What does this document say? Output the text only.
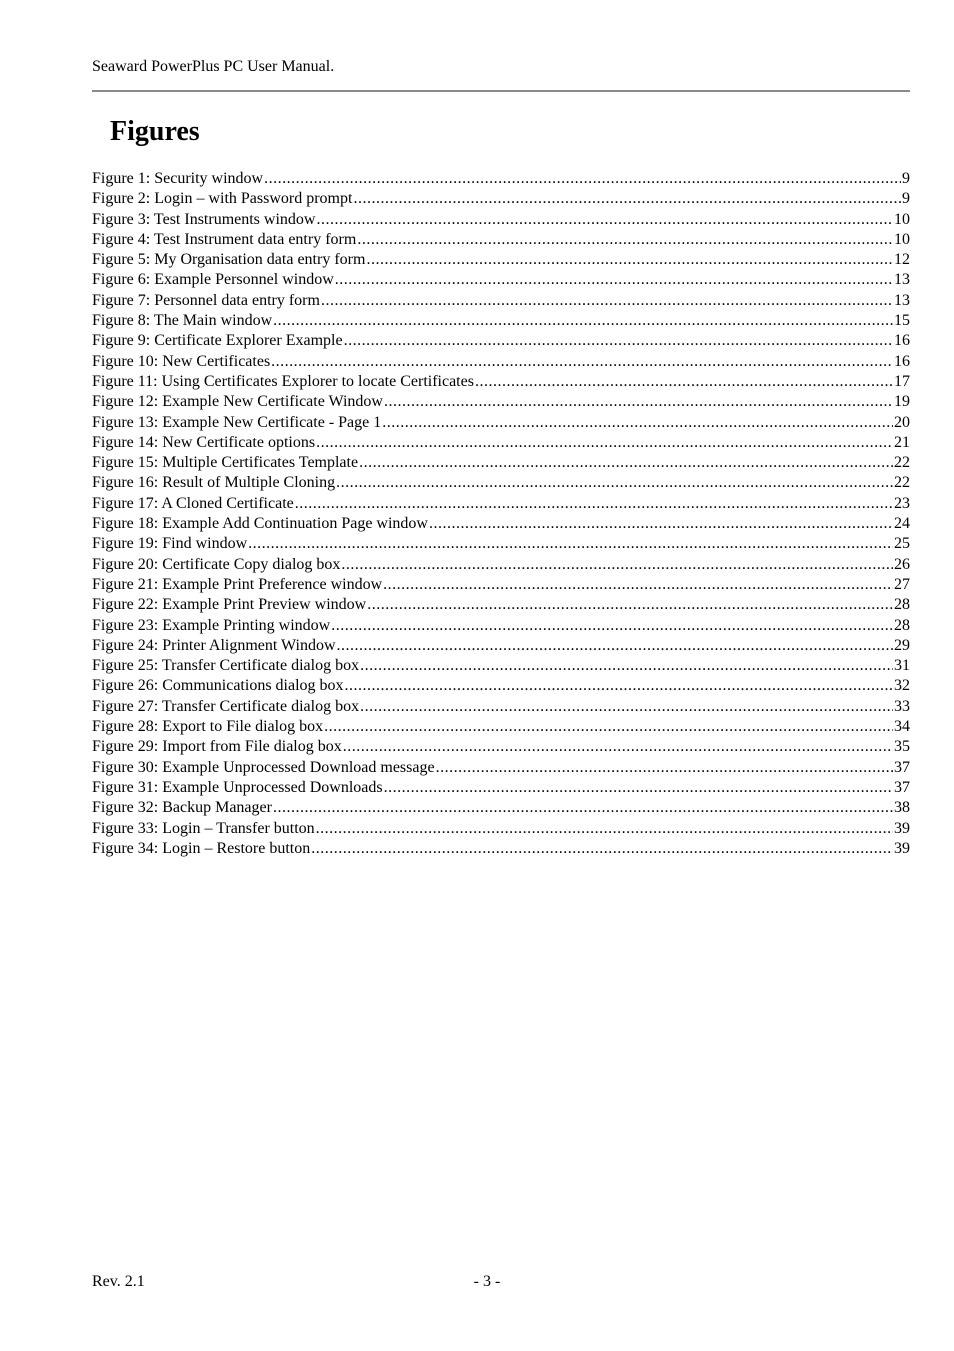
Seaward PowerPlus PC User Manual.
Figures
Figure 1: Security window .....	9
Figure 2: Login – with Password prompt .....	9
Figure 3: Test Instruments window .....	10
Figure 4: Test Instrument data entry form .....	10
Figure 5: My Organisation data entry form .....	12
Figure 6: Example Personnel window .....	13
Figure 7: Personnel data entry form .....	13
Figure 8: The Main window .....	15
Figure 9: Certificate Explorer Example .....	16
Figure 10: New Certificates .....	16
Figure 11: Using Certificates Explorer to locate Certificates .....	17
Figure 12: Example New Certificate Window .....	19
Figure 13: Example New Certificate - Page 1 .....	20
Figure 14: New Certificate options .....	21
Figure 15: Multiple Certificates Template .....	22
Figure 16: Result of Multiple Cloning .....	22
Figure 17: A Cloned Certificate .....	23
Figure 18: Example Add Continuation Page window .....	24
Figure 19: Find window .....	25
Figure 20: Certificate Copy dialog box .....	26
Figure 21: Example Print Preference window .....	27
Figure 22: Example Print Preview window .....	28
Figure 23: Example Printing window .....	28
Figure 24: Printer Alignment Window .....	29
Figure 25: Transfer Certificate dialog box .....	31
Figure 26: Communications dialog box .....	32
Figure 27: Transfer Certificate dialog box .....	33
Figure 28: Export to File dialog box .....	34
Figure 29: Import from File dialog box .....	35
Figure 30: Example Unprocessed Download message .....	37
Figure 31: Example Unprocessed Downloads .....	37
Figure 32: Backup Manager .....	38
Figure 33: Login – Transfer button .....	39
Figure 34: Login – Restore button .....	39
Rev. 2.1	- 3 -
